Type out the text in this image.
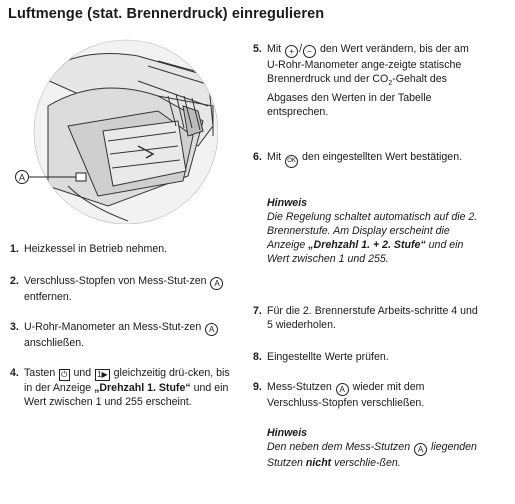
Luftmenge (stat. Brennerdruck) einregulieren
A
1. Heizkessel in Betrieb nehmen.
2. Verschluss-Stopfen von Mess-Stut-zen A entfernen.
3. U-Rohr-Manometer an Mess-Stut-zen A anschließen.
4. Tasten ⏻ und 1▶ gleichzeitig drü-cken, bis in der Anzeige „Drehzahl 1. Stufe“ und ein Wert zwischen 1 und 255 erscheint.
5. Mit + / − den Wert verändern, bis der am U-Rohr-Manometer ange-zeigte statische Brennerdruck und der $CO_2$-Gehalt des Abgases den Werten in der Tabelle entsprechen.
6. Mit OK den eingestellten Wert bestätigen.
Hinweis
Die Regelung schaltet automatisch auf die 2. Brennerstufe. Am Display erscheint die Anzeige „Drehzahl 1. + 2. Stufe“ und ein Wert zwischen 1 und 255.
7. Für die 2. Brennerstufe Arbeits-schritte 4 und 5 wiederholen.
8. Eingestellte Werte prüfen.
9. Mess-Stutzen A wieder mit dem Verschluss-Stopfen verschließen.
Hinweis
Den neben dem Mess-Stutzen A liegenden Stutzen nicht verschlie-ßen.
